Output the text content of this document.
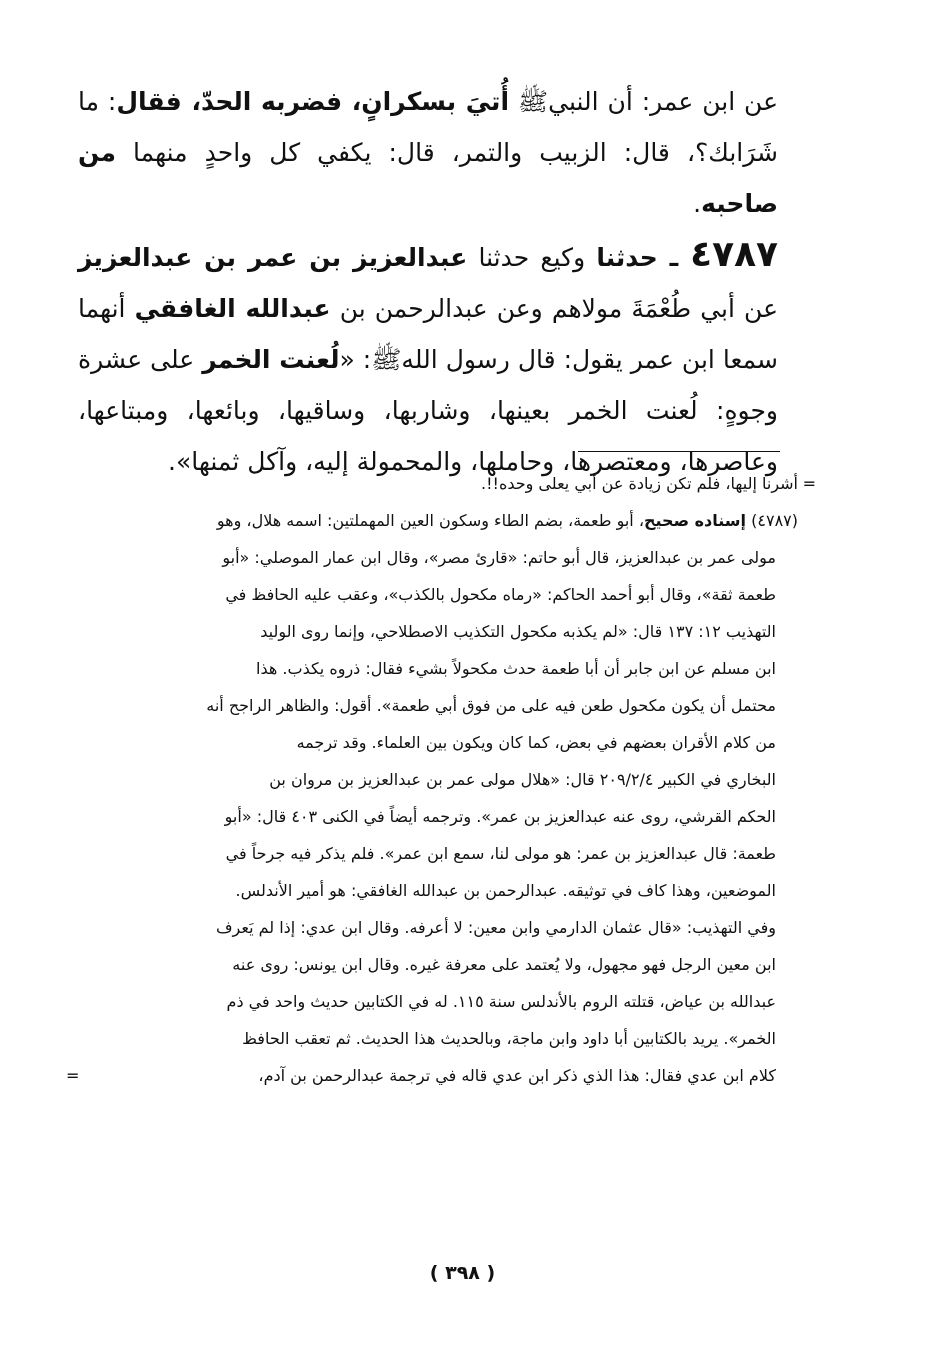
عن ابن عمر: أن النبيﷺ أُتيَ بسكرانٍ، فضربه الحدّ، فقال: ما شَرَابك؟، قال: الزبيب والتمر، قال: يكفي كل واحدٍ منهما من صاحبه.

٤٧٨٧ ـ حدثنا وكيع حدثنا عبدالعزيز بن عمر بن عبدالعزيز عن أبي طُعْمَةَ مولاهم وعن عبدالرحمن بن عبدالله الغافقي أنهما سمعا ابن عمر يقول: قال رسول اللهﷺ: «لُعنت الخمر على عشرة وجوهٍ: لُعنت الخمر بعينها، وشاربها، وساقيها، وبائعها، ومبتاعها، وعاصرها، ومعتصرها، وحاملها، والمحمولة إليه، وآكل ثمنها».

أشرنا إليها، فلم تكن زيادة عن أبي يعلى وحده!!. =

(٤٧٨٧) إسناده صحيح، أبو طعمة، بضم الطاء وسكون العين المهملتين: اسمه هلال، وهو

مولى عمر بن عبدالعزيز، قال أبو حاتم: «قارئ مصر»، وقال ابن عمار الموصلي: «أبو

طعمة ثقة»، وقال أبو أحمد الحاكم: «رماه مكحول بالكذب»، وعقب عليه الحافظ في

التهذيب ١٢: ١٣٧ قال: «لم يكذبه مكحول التكذيب الاصطلاحي، وإنما روى الوليد

ابن مسلم عن ابن جابر أن أبا طعمة حدث مكحولاً بشيء فقال: ذروه يكذب. هذا

محتمل أن يكون مكحول طعن فيه على من فوق أبي طعمة». أقول: والظاهر الراجح أنه

من كلام الأقران بعضهم في بعض، كما كان ويكون بين العلماء. وقد ترجمه

البخاري في الكبير ٢٠٩/٢/٤ قال: «هلال مولى عمر بن عبدالعزيز بن مروان بن

الحكم القرشي، روى عنه عبدالعزيز بن عمر». وترجمه أيضاً في الكنى ٤٠٣ قال: «أبو

طعمة: قال عبدالعزيز بن عمر: هو مولى لنا، سمع ابن عمر». فلم يذكر فيه جرحاً في

الموضعين، وهذا كاف في توثيقه. عبدالرحمن بن عبدالله الغافقي: هو أمير الأندلس.

وفي التهذيب: «قال عثمان الدارمي وابن معين: لا أعرفه. وقال ابن عدي: إذا لم يَعرف

ابن معين الرجل فهو مجهول، ولا يُعتمد على معرفة غيره. وقال ابن يونس: روى عنه

عبدالله بن عياض، قتلته الروم بالأندلس سنة ١١٥. له في الكتابين حديث واحد في ذم

الخمر». يريد بالكتابين أبا داود وابن ماجة، وبالحديث هذا الحديث. ثم تعقب الحافظ

كلام ابن عدي فقال: هذا الذي ذكر ابن عدي قاله في ترجمة عبدالرحمن بن آدم،
=

( ٣٩٨ )
